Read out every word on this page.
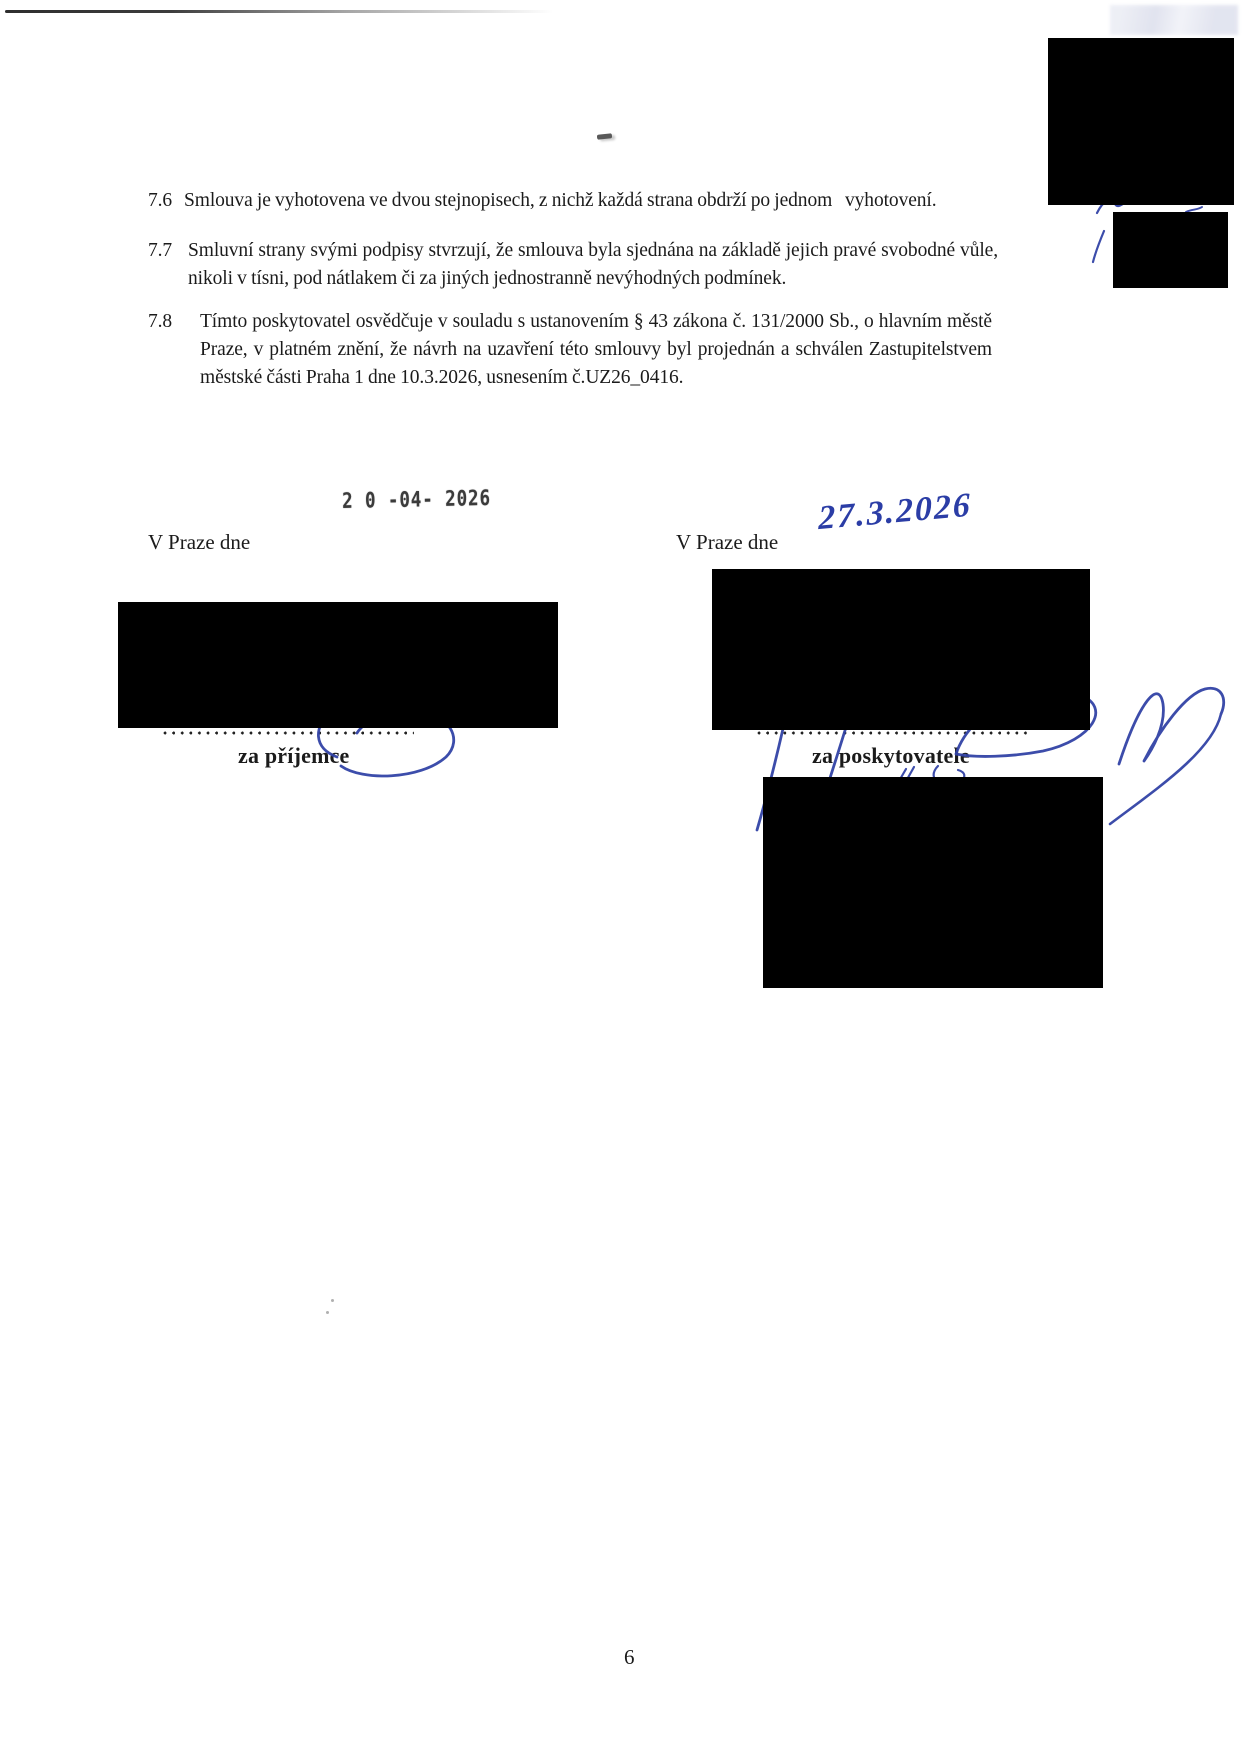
7.6 Smlouva je vyhotovena ve dvou stejnopisech, z nichž každá strana obdrží po jednom   vyhotovení.
7.7 Smluvní strany svými podpisy stvrzují, že smlouva byla sjednána na základě jejich pravé svobodné vůle, nikoli v tísni, pod nátlakem či za jiných jednostranně nevýhodných podmínek.
7.8	Tímto poskytovatel osvědčuje v souladu s ustanovením § 43 zákona č. 131/2000 Sb., o hlavním městě Praze, v platném znění, že návrh na uzavření této smlouvy byl projednán a schválen Zastupitelstvem městské části Praha 1 dne 10.3.2026, usnesením č.UZ26_0416.
2 0 -04- 2026
V Praze dne	V Praze dne
27.3.2026
za příjemce	za poskytovatele
6
